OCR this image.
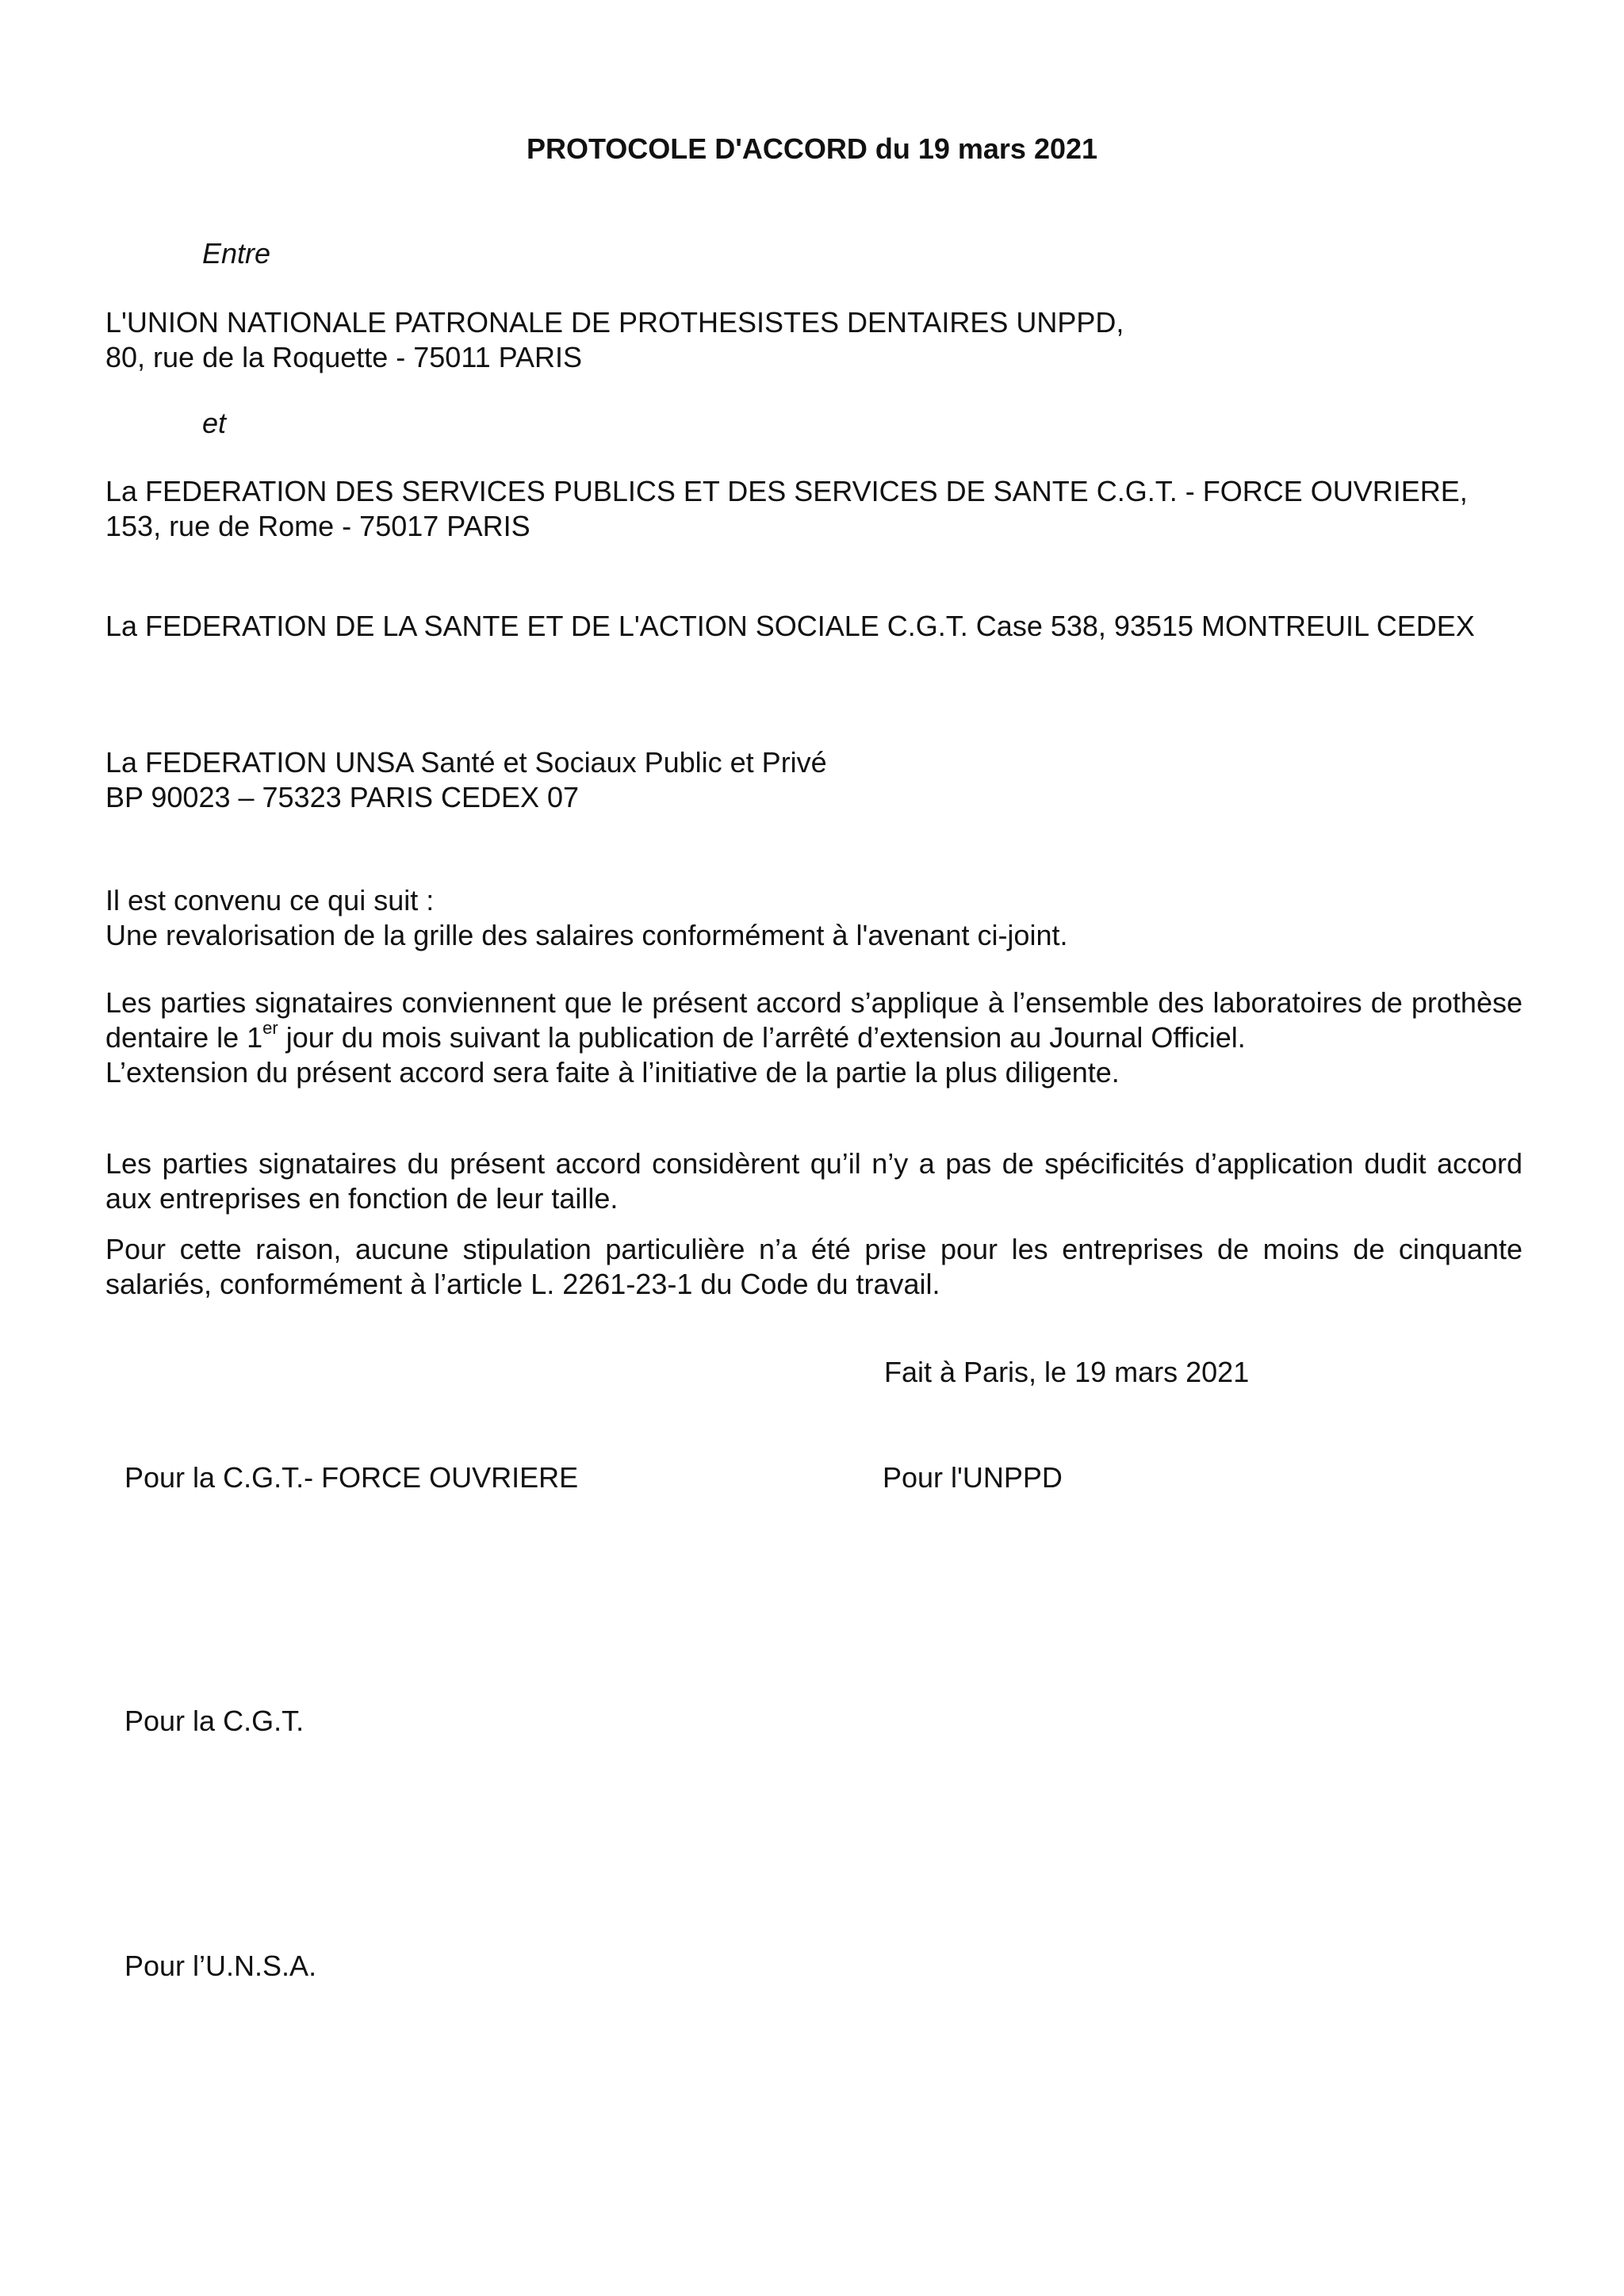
PROTOCOLE D'ACCORD du 19 mars 2021
Entre
L'UNION NATIONALE PATRONALE DE PROTHESISTES DENTAIRES UNPPD,
80, rue de la Roquette - 75011 PARIS
et
La FEDERATION DES SERVICES PUBLICS ET DES SERVICES DE SANTE C.G.T. - FORCE OUVRIERE,
153, rue de Rome - 75017 PARIS
La FEDERATION DE LA SANTE ET DE L'ACTION SOCIALE C.G.T. Case 538, 93515 MONTREUIL CEDEX
La FEDERATION UNSA Santé et Sociaux Public et Privé
BP 90023 – 75323 PARIS CEDEX 07
Il est convenu ce qui suit :
Une revalorisation de la grille des salaires conformément à l'avenant ci-joint.
Les parties signataires conviennent que le présent accord s’applique à l’ensemble des laboratoires de prothèse dentaire le 1er jour du mois suivant la publication de l’arrêté d’extension au Journal Officiel.
L’extension du présent accord sera faite à l’initiative de la partie la plus diligente.
Les parties signataires du présent accord considèrent qu’il n’y a pas de spécificités d’application dudit accord aux entreprises en fonction de leur taille.
Pour cette raison, aucune stipulation particulière n’a été prise pour les entreprises de moins de cinquante salariés, conformément à l’article L. 2261-23-1 du Code du travail.
Fait à Paris, le 19 mars 2021
Pour la C.G.T.- FORCE OUVRIERE	Pour l'UNPPD
Pour la C.G.T.
Pour l’U.N.S.A.
